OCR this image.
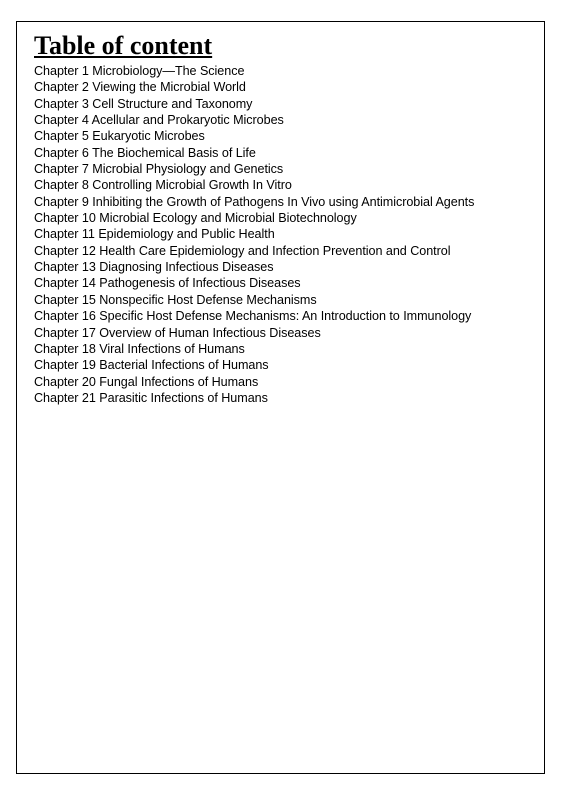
Table of content
Chapter 1 Microbiology—The Science
Chapter 2 Viewing the Microbial World
Chapter 3 Cell Structure and Taxonomy
Chapter 4 Acellular and Prokaryotic Microbes
Chapter 5 Eukaryotic Microbes
Chapter 6 The Biochemical Basis of Life
Chapter 7 Microbial Physiology and Genetics
Chapter 8 Controlling Microbial Growth In Vitro
Chapter 9 Inhibiting the Growth of Pathogens In Vivo using Antimicrobial Agents
Chapter 10 Microbial Ecology and Microbial Biotechnology
Chapter 11 Epidemiology and Public Health
Chapter 12 Health Care Epidemiology and Infection Prevention and Control
Chapter 13 Diagnosing Infectious Diseases
Chapter 14 Pathogenesis of Infectious Diseases
Chapter 15 Nonspecific Host Defense Mechanisms
Chapter 16 Specific Host Defense Mechanisms: An Introduction to Immunology
Chapter 17 Overview of Human Infectious Diseases
Chapter 18 Viral Infections of Humans
Chapter 19 Bacterial Infections of Humans
Chapter 20 Fungal Infections of Humans
Chapter 21 Parasitic Infections of Humans
